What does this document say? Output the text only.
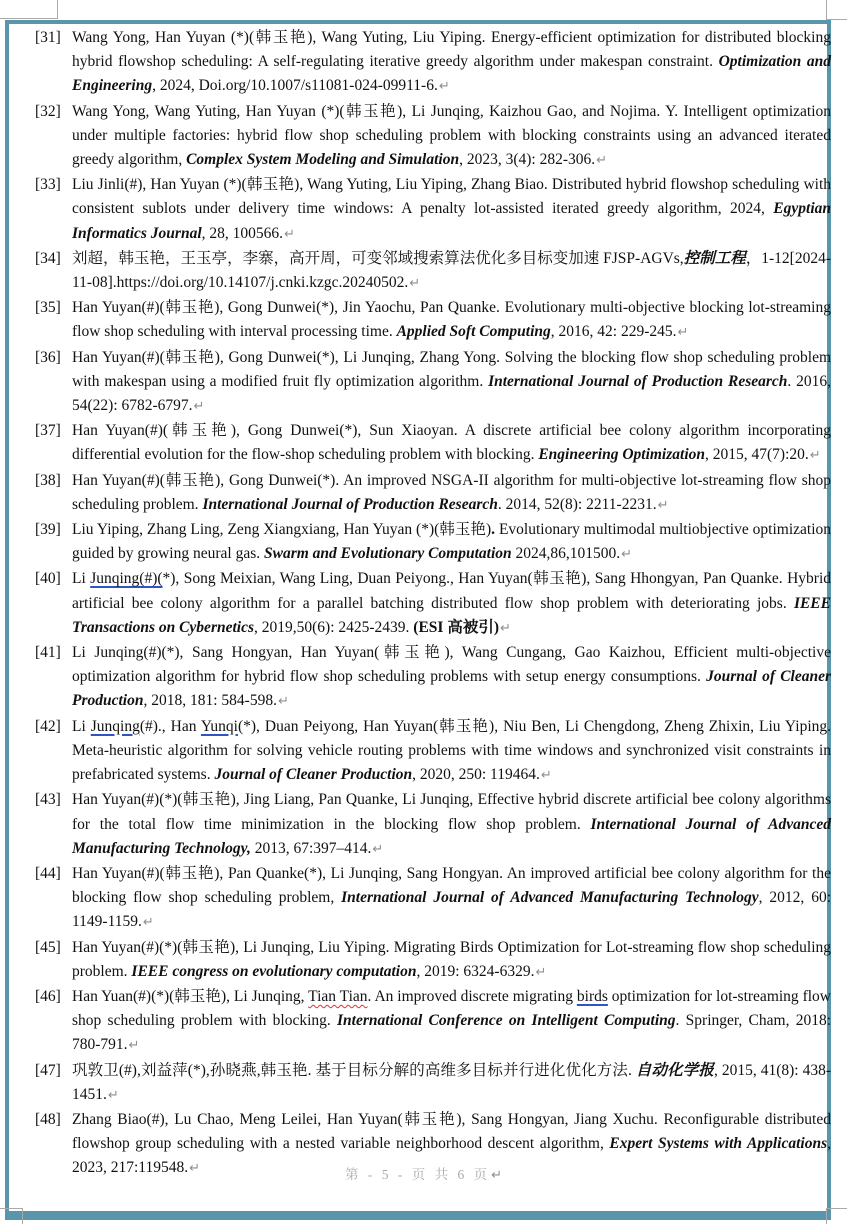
[31] Wang Yong, Han Yuyan (*)(韩玉艳), Wang Yuting, Liu Yiping. Energy-efficient optimization for distributed blocking hybrid flowshop scheduling: A self-regulating iterative greedy algorithm under makespan constraint. Optimization and Engineering, 2024, Doi.org/10.1007/s11081-024-09911-6.↵
[32] Wang Yong, Wang Yuting, Han Yuyan (*)(韩玉艳), Li Junqing, Kaizhou Gao, and Nojima. Y. Intelligent optimization under multiple factories: hybrid flow shop scheduling problem with blocking constraints using an advanced iterated greedy algorithm, Complex System Modeling and Simulation, 2023, 3(4): 282-306.↵
[33] Liu Jinli(#), Han Yuyan (*)(韩玉艳), Wang Yuting, Liu Yiping, Zhang Biao. Distributed hybrid flowshop scheduling with consistent sublots under delivery time windows: A penalty lot-assisted iterated greedy algorithm, 2024, Egyptian Informatics Journal, 28, 100566.↵
[34] 刘超，韩玉艳，王玉亭，李寨，高开周，可变邻域搜索算法优化多目标变加速 FJSP-AGVs,控制工程，1-12[2024-11-08].https://doi.org/10.14107/j.cnki.kzgc.20240502.↵
[35] Han Yuyan(#)(韩玉艳), Gong Dunwei(*), Jin Yaochu, Pan Quanke. Evolutionary multi-objective blocking lot-streaming flow shop scheduling with interval processing time. Applied Soft Computing, 2016, 42: 229-245.↵
[36] Han Yuyan(#)(韩玉艳), Gong Dunwei(*), Li Junqing, Zhang Yong. Solving the blocking flow shop scheduling problem with makespan using a modified fruit fly optimization algorithm. International Journal of Production Research. 2016, 54(22): 6782-6797.↵
[37] Han Yuyan(#)(韩玉艳), Gong Dunwei(*), Sun Xiaoyan. A discrete artificial bee colony algorithm incorporating differential evolution for the flow-shop scheduling problem with blocking. Engineering Optimization, 2015, 47(7):20.↵
[38] Han Yuyan(#)(韩玉艳), Gong Dunwei(*). An improved NSGA-II algorithm for multi-objective lot-streaming flow shop scheduling problem. International Journal of Production Research. 2014, 52(8): 2211-2231.↵
[39] Liu Yiping, Zhang Ling, Zeng Xiangxiang, Han Yuyan (*)(韩玉艳). Evolutionary multimodal multiobjective optimization guided by growing neural gas. Swarm and Evolutionary Computation 2024,86,101500.↵
[40] Li Junqing(#)(*), Song Meixian, Wang Ling, Duan Peiyong., Han Yuyan(韩玉艳), Sang Hhongyan, Pan Quanke. Hybrid artificial bee colony algorithm for a parallel batching distributed flow shop problem with deteriorating jobs. IEEE Transactions on Cybernetics, 2019,50(6): 2425-2439. (ESI 高被引)↵
[41] Li Junqing(#)(*), Sang Hongyan, Han Yuyan(韩玉艳), Wang Cungang, Gao Kaizhou, Efficient multi-objective optimization algorithm for hybrid flow shop scheduling problems with setup energy consumptions. Journal of Cleaner Production, 2018, 181: 584-598.↵
[42] Li Junqing(#)., Han Yunqi(*), Duan Peiyong, Han Yuyan(韩玉艳), Niu Ben, Li Chengdong, Zheng Zhixin, Liu Yiping. Meta-heuristic algorithm for solving vehicle routing problems with time windows and synchronized visit constraints in prefabricated systems. Journal of Cleaner Production, 2020, 250: 119464.↵
[43] Han Yuyan(#)(*)(韩玉艳), Jing Liang, Pan Quanke, Li Junqing, Effective hybrid discrete artificial bee colony algorithms for the total flow time minimization in the blocking flow shop problem. International Journal of Advanced Manufacturing Technology, 2013, 67:397–414.↵
[44] Han Yuyan(#)(韩玉艳), Pan Quanke(*), Li Junqing, Sang Hongyan. An improved artificial bee colony algorithm for the blocking flow shop scheduling problem, International Journal of Advanced Manufacturing Technology, 2012, 60: 1149-1159.↵
[45] Han Yuyan(#)(*)(韩玉艳), Li Junqing, Liu Yiping. Migrating Birds Optimization for Lot-streaming flow shop scheduling problem. IEEE congress on evolutionary computation, 2019: 6324-6329.↵
[46] Han Yuan(#)(*)(韩玉艳), Li Junqing, Tian Tian. An improved discrete migrating birds optimization for lot-streaming flow shop scheduling problem with blocking. International Conference on Intelligent Computing. Springer, Cham, 2018: 780-791.↵
[47] 巩敦卫(#),刘益萍(*),孙晓燕,韩玉艳. 基于目标分解的高维多目标并行进化优化方法. 自动化学报, 2015, 41(8): 438-1451.↵
[48] Zhang Biao(#), Lu Chao, Meng Leilei, Han Yuyan(韩玉艳), Sang Hongyan, Jiang Xuchu. Reconfigurable distributed flowshop group scheduling with a nested variable neighborhood descent algorithm, Expert Systems with Applications, 2023, 217:119548.↵	第 - 5 - 页 共 6 页↵
